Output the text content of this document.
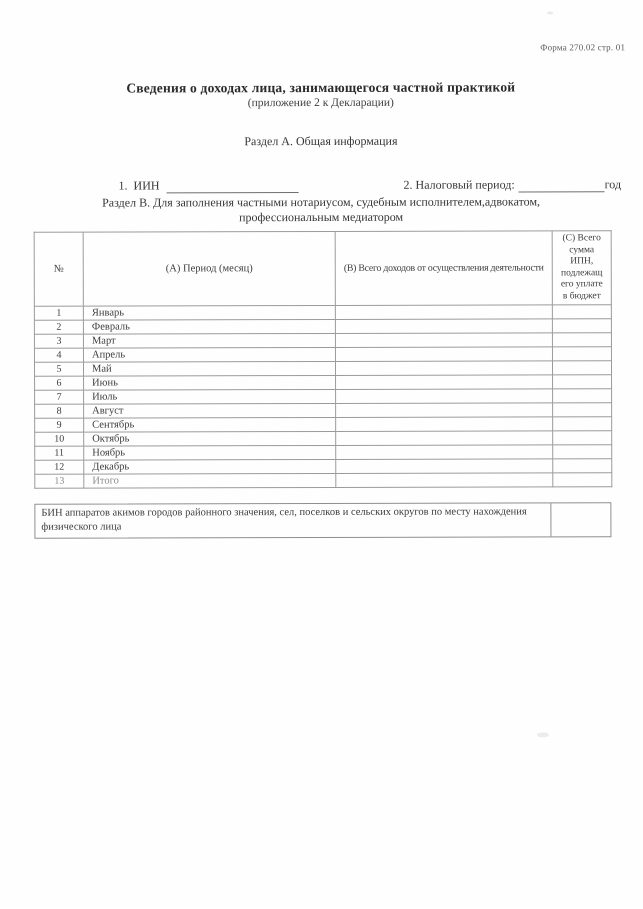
Форма 270.02 стр. 01
Сведения о доходах лица, занимающегося частной практикой
(приложение 2 к Декларации)
Раздел А. Общая информация

1.  ИИН
	2. Налоговый период:	год

Раздел В. Для заполнения частными нотариусом, судебным исполнителем,адвокатом,
профессиональным медиатором
№	(А) Период (месяц)	(В) Всего доходов от осуществления деятельности	(С) Всего
сумма
ИПН,
подлежащ
его уплате
в бюджет
1	Январь		
2	Февраль		
3	Март		
4	Апрель		
5	Май		
6	Июнь		
7	Июль		
8	Август		
9	Сентябрь		
10	Октябрь		
11	Ноябрь		
12	Декабрь		
13	Итого		
БИН аппаратов акимов городов районного значения, сел, поселков и сельских округов по месту нахождения физического лица
